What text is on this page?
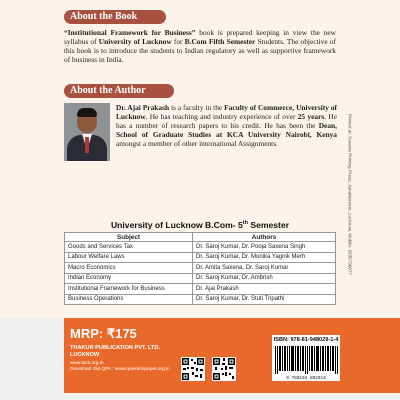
About the Book
“Institutional Framework for Business” book is prepared keeping in view the new syllabus of University of Lucknow for B.Com Fifth Semester Students. The objective of this book is to introduce the students to Indian regulatory as well as supportive framework of business in India.
About the Author
Dr. Ajai Prakash is a faculty in the Faculty of Commerce, University of Lucknow. He has teaching and industry experience of over 25 years. He has a number of research papers to his credit. He has been the Dean, School of Graduate Studies at KCA University Nairobi, Kenya amongst a member of other international Assignments.	Printed at: Sovana Printing Press, Janakipuram, Lucknow, Mobile: 9335736077
University of Lucknow B.Com- 5th Semester
Subject	Authors
Goods and Services Tax	Dr. Saroj Kumar, Dr. Pooja Saxena Singh
Labour Welfare Laws	Dr. Saroj Kumar, Dr. Monika Yagnik Merh
Macro Economics	Dr. Amita Saxena, Dr. Saroj Kumar
Indian Economy	Dr. Saroj Kumar, Dr. Ambrish
Institutional Framework for Business	Dr. Ajai Prakash
Business Operations	Dr. Saroj Kumar, Dr. Stuti Tripathi
MRP: ₹175
THAKUR PUBLICATION PVT. LTD.
LUCKNOW
www.tpcs.org.in
Download Old QPs : www.questionpaper.org.in
ISBN: 978-81-948029-1-4
9 788194 802914
